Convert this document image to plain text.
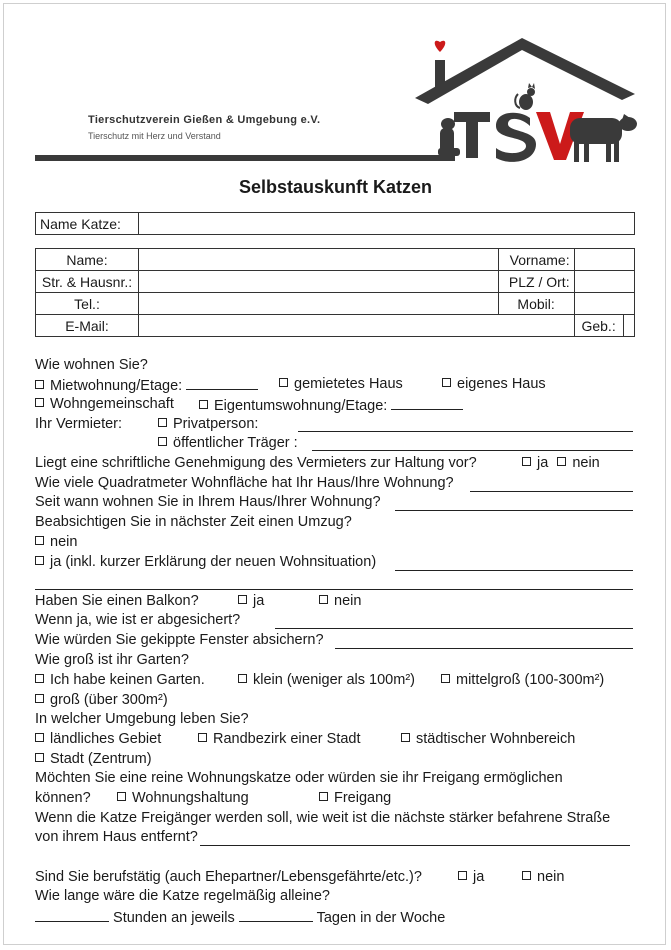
Tierschutzverein Gießen & Umgebung e.V.
Tierschutz mit Herz und Verstand
Selbstauskunft Katzen
Name Katze:	
Name:		Vorname:		
Str. & Hausnr.:		PLZ / Ort:		
Tel.:		Mobil:		
E-Mail:			Geb.:	
Wie wohnen Sie?
Mietwohnung/Etage:	gemietetes Haus	eigenes Haus
Wohngemeinschaft	Eigentumswohnung/Etage:
Ihr Vermieter:	Privatperson:
öffentlicher Träger :
Liegt eine schriftliche Genehmigung des Vermieters zur Haltung vor?	ja nein
Wie viele Quadratmeter Wohnfläche hat Ihr Haus/Ihre Wohnung?
Seit wann wohnen Sie in Ihrem Haus/Ihrer Wohnung?
Beabsichtigen Sie in nächster Zeit einen Umzug?
nein
ja (inkl. kurzer Erklärung der neuen Wohnsituation)
Haben Sie einen Balkon?	ja	nein
Wenn ja, wie ist er abgesichert?
Wie würden Sie gekippte Fenster absichern?
Wie groß ist ihr Garten?
Ich habe keinen Garten.	klein (weniger als 100m²)	mittelgroß (100-300m²)
groß (über 300m²)
In welcher Umgebung leben Sie?
ländliches Gebiet	Randbezirk einer Stadt	städtischer Wohnbereich
Stadt (Zentrum)
Möchten Sie eine reine Wohnungskatze oder würden sie ihr Freigang ermöglichen
können?	Wohnungshaltung	Freigang
Wenn die Katze Freigänger werden soll, wie weit ist die nächste stärker befahrene Straße
von ihrem Haus entfernt?
Sind Sie berufstätig (auch Ehepartner/Lebensgefährte/etc.)?	ja	nein
Wie lange wäre die Katze regelmäßig alleine?
Stunden an jeweils	Tagen in der Woche
